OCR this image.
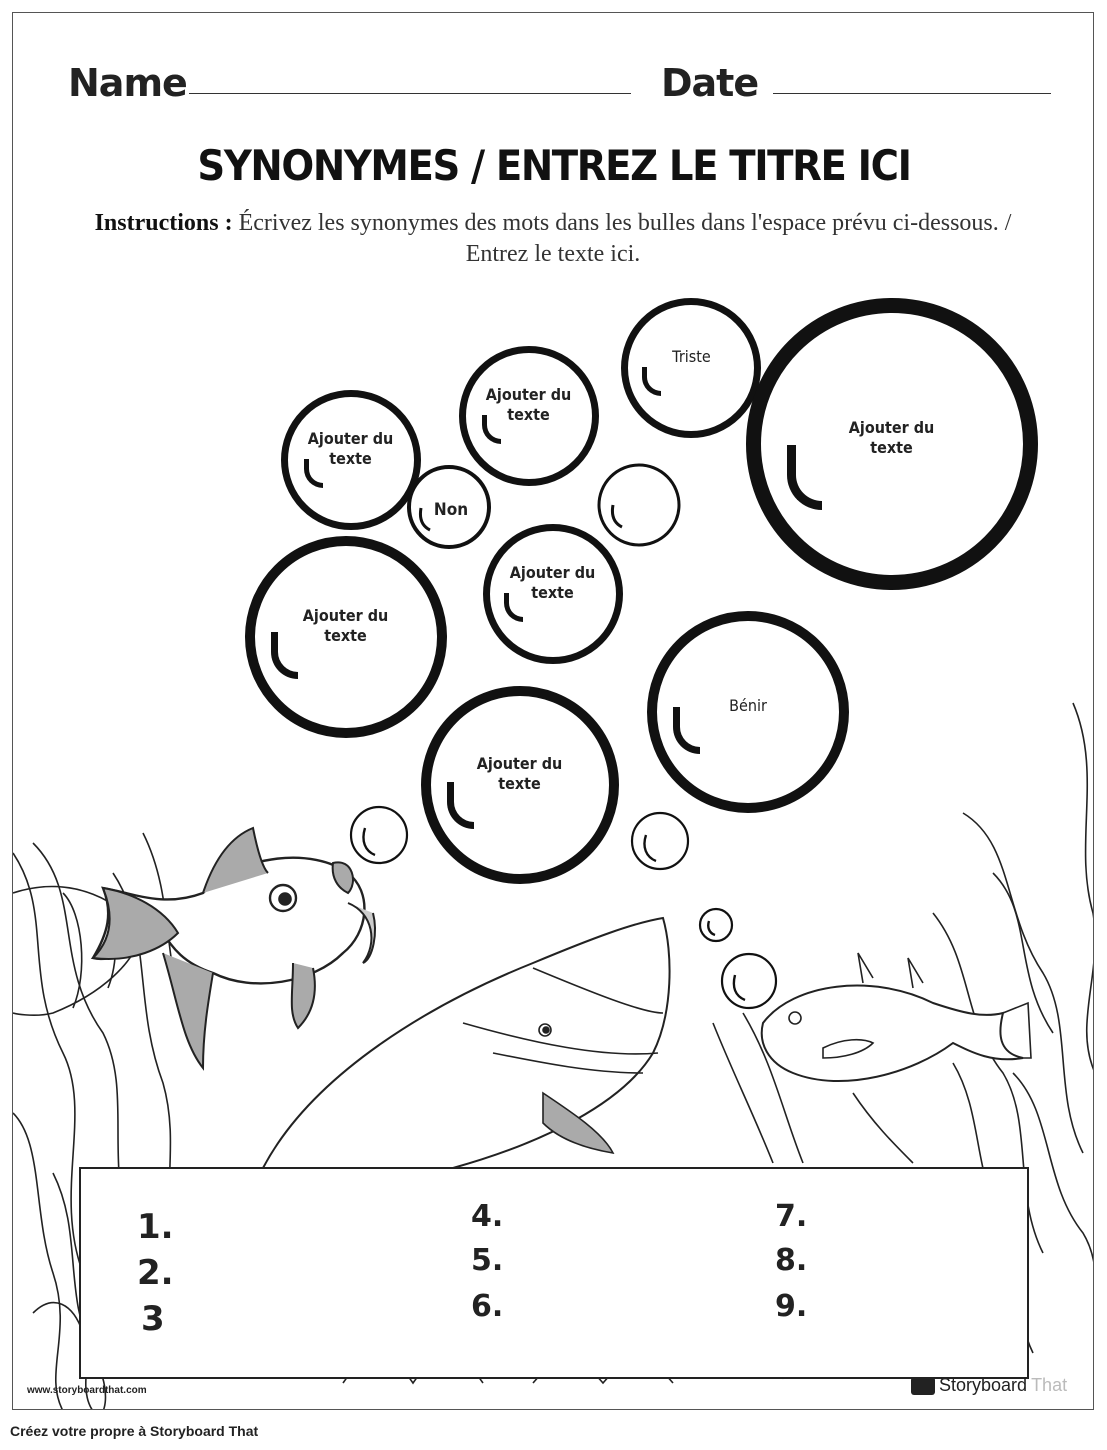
Name	Date
SYNONYMES / ENTREZ LE TITRE ICI
Instructions : Écrivez les synonymes des mots dans les bulles dans l'espace prévu ci-dessous. /
Entrez le texte ici.
Ajouter du
texte
Non
Ajouter du
texte
Triste
Ajouter du
texte
Ajouter du
texte
Ajouter du
texte
Bénir
Ajouter du
texte
1.
2.
3
4.
5.
6.
7.
8.
9.
www.storyboardthat.com	Storyboard That
Créez votre propre à Storyboard That
